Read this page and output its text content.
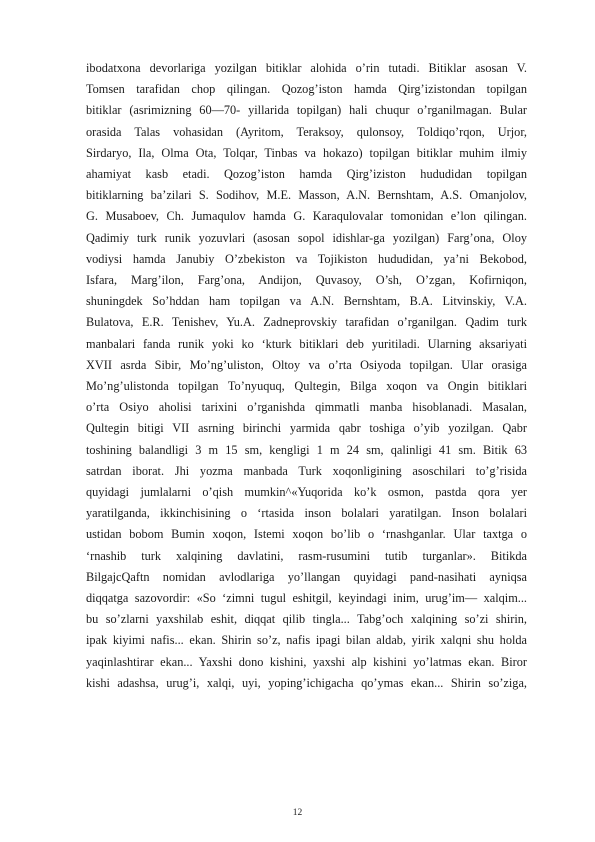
ibodatxona devorlariga yozilgan bitiklar alohida o’rin tutadi. Bitiklar asosan V.
Tomsen tarafidan chop qilingan. Qozog’iston hamda Qirg’izistondan topilgan
bitiklar (asrimizning 60—70- yillarida topilgan) hali chuqur o’rganilmagan. Bular
orasida Talas vohasidan (Ayritom, Teraksoy, qulonsoy, Toldiqo’rqon, Urjor,
Sirdaryo, Ila, Olma Ota, Tolqar, Tinbas va hokazo) topilgan bitiklar muhim ilmiy
ahamiyat kasb etadi. Qozog’iston hamda Qirg’iziston hududidan topilgan
bitiklarning ba’zilari S. Sodihov, M.E. Masson, A.N. Bernshtam, A.S. Omanjolov,
G. Musaboev, Ch. Jumaqulov hamda G. Karaqulovalar tomonidan e’lon qilingan.
Qadimiy turk runik yozuvlari (asosan sopol idishlar-ga yozilgan) Farg’ona, Oloy
vodiysi hamda Janubiy O’zbekiston va Tojikiston hududidan, ya’ni Bekobod,
Isfara, Marg’ilon, Farg’ona, Andijon, Quvasoy, O’sh, O’zgan, Kofirniqon,
shuningdek So’hddan ham topilgan va A.N. Bernshtam, B.A. Litvinskiy, V.A.
Bulatova, E.R. Tenishev, Yu.A. Zadneprovskiy tarafidan o’rganilgan. Qadim turk
manbalari fanda runik yoki ko ‘kturk bitiklari deb yuritiladi. Ularning aksariyati
XVII asrda Sibir, Mo’ng’uliston, Oltoy va o’rta Osiyoda topilgan. Ular orasiga
Mo’ng’ulistonda topilgan To’nyuquq, Qultegin, Bilga xoqon va Ongin bitiklari
o’rta Osiyo aholisi tarixini o’rganishda qimmatli manba hisoblanadi. Masalan,
Qultegin bitigi VII asrning birinchi yarmida qabr toshiga o’yib yozilgan. Qabr
toshining balandligi 3 m 15 sm, kengligi 1 m 24 sm, qalinligi 41 sm. Bitik 63
satrdan iborat. Jhi yozma manbada Turk xoqonligining asoschilari to’g’risida
quyidagi jumlalarni o’qish mumkin^«Yuqorida ko’k osmon, pastda qora yer
yaratilganda, ikkinchisining o ‘rtasida inson bolalari yaratilgan. Inson bolalari
ustidan bobom Bumin xoqon, Istemi xoqon bo’lib o ‘rnashganlar. Ular taxtga o
‘rnashib turk xalqining davlatini, rasm-rusumini tutib turganlar». Bitikda
BilgajcQaftn nomidan avlodlariga yo’llangan quyidagi pand-nasihati ayniqsa
diqqatga sazovordir: «So ‘zimni tugul eshitgil, keyindagi inim, urug’im— xalqim...
bu so’zlarni yaxshilab eshit, diqqat qilib tingla... Tabg’och xalqining so’zi shirin,
ipak kiyimi nafis... ekan. Shirin so’z, nafis ipagi bilan aldab, yirik xalqni shu holda
yaqinlashtirar ekan... Yaxshi dono kishini, yaxshi alp kishini yo’latmas ekan. Biror
kishi adashsa, urug’i, xalqi, uyi, yoping’ichigacha qo’ymas ekan... Shirin so’ziga,
12
